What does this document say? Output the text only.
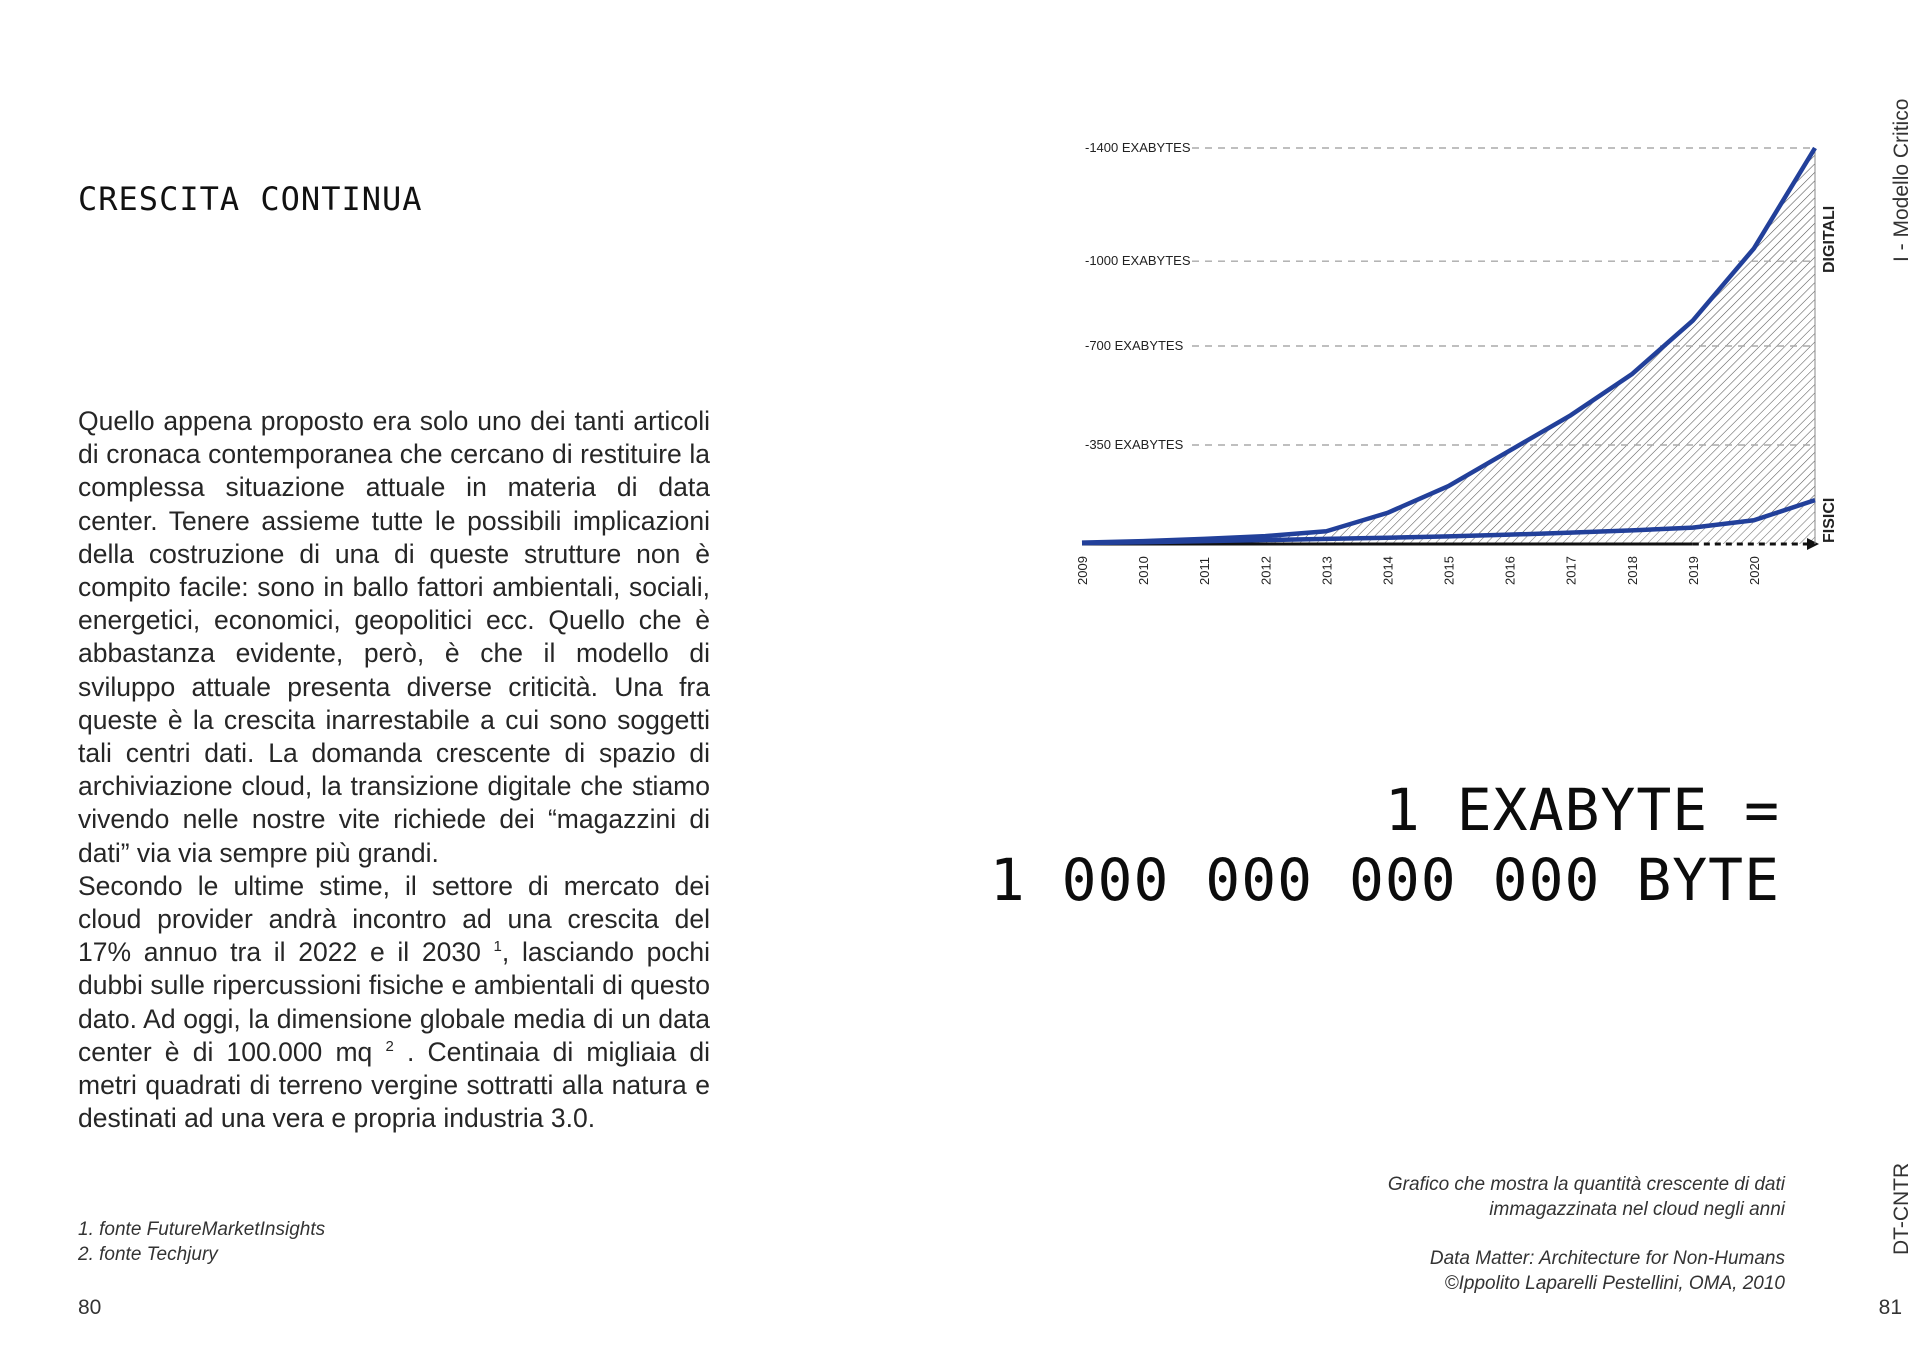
CRESCITA CONTINUA

Quello appena proposto era solo uno dei tanti articoli di cronaca contemporanea che cercano di restituire la complessa situazione attuale in materia di data center. Tenere assieme tutte le possibili implicazioni della costruzione di una di queste strutture non è compito facile: sono in ballo fattori ambientali, sociali, energetici, economici, geopolitici ecc. Quello che è abbastanza evidente, però, è che il modello di sviluppo attuale presenta diverse criticità. Una fra queste è la crescita inarrestabile a cui sono soggetti tali centri dati. La domanda crescente di spazio di archiviazione cloud, la transizione digitale che stiamo vivendo nelle nostre vite richiede dei “magazzini di dati” via via sempre più grandi.

Secondo le ultime stime, il settore di mercato dei cloud provider andrà incontro ad una crescita del 17% annuo tra il 2022 e il 2030 $^1$, lasciando pochi dubbi sulle ripercussioni fisiche e ambientali di questo dato. Ad oggi, la dimensione globale media di un data center è di 100.000 mq $^2$ . Centinaia di migliaia di metri quadrati di terreno vergine sottratti alla natura e destinati ad una vera e propria industria 3.0.

1. fonte FutureMarketInsights
2. fonte Techjury
80
-1400 EXABYTES
-1000 EXABYTES
-700 EXABYTES
-350 EXABYTES
2009	2010	2011	2012	2013	2014	2015	2016	2017	2018	2019	2020
DIGITALI
FISICI
I - Modello Critico
DT-CNTR
1 EXABYTE =
1 000 000 000 000 BYTE
Grafico che mostra la quantità crescente di dati
immagazzinata nel cloud negli anni
Data Matter: Architecture for Non-Humans
©Ippolito Laparelli Pestellini, OMA, 2010
81
